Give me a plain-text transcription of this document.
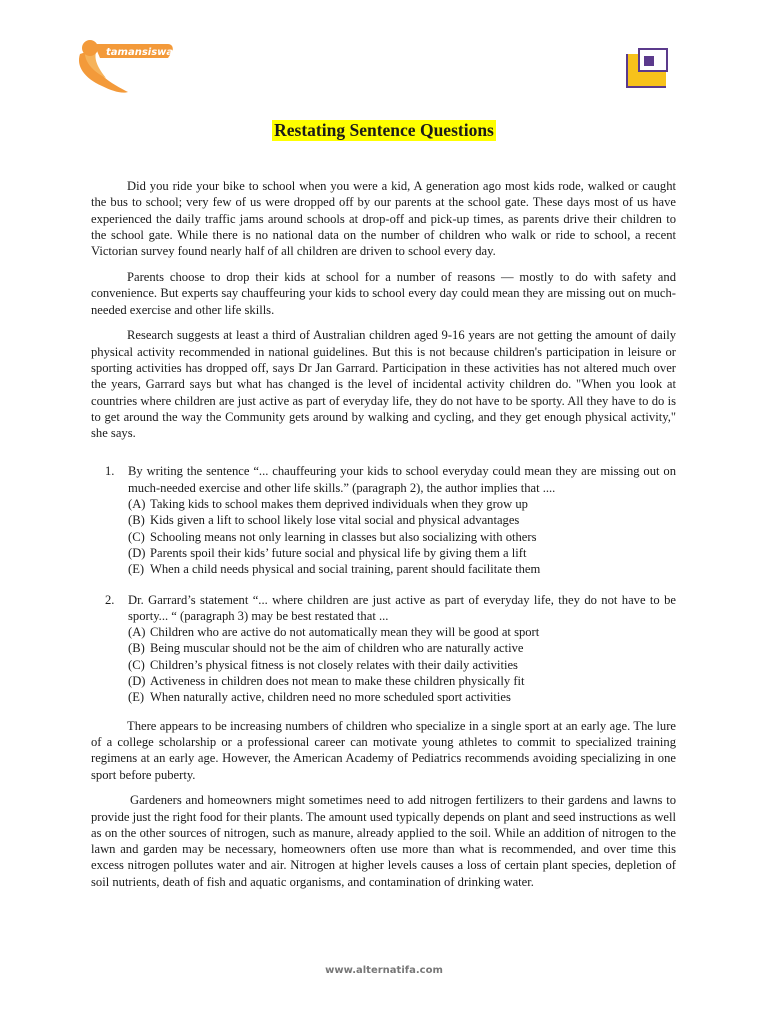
tamansiswa
Restating Sentence Questions

Did you ride your bike to school when you were a kid, A generation ago most kids rode, walked or caught the bus to school; very few of us were dropped off by our parents at the school gate. These days most of us have experienced the daily traffic jams around schools at drop-off and pick-up times, as parents drive their children to the school gate. While there is no national data on the number of children who walk or ride to school, a recent Victorian survey found nearly half of all children are driven to school every day.

Parents choose to drop their kids at school for a number of reasons — mostly to do with safety and convenience. But experts say chauffeuring your kids to school every day could mean they are missing out on much-needed exercise and other life skills.

Research suggests at least a third of Australian children aged 9-16 years are not getting the amount of daily physical activity recommended in national guidelines. But this is not because children's participation in leisure or sporting activities has dropped off, says Dr Jan Garrard. Participation in these activities has not altered much over the years, Garrard says but what has changed is the level of incidental activity children do. "When you look at countries where children are just active as part of everyday life, they do not have to be sporty. All they have to do is to get around the way the Community gets around by walking and cycling, and they get enough physical activity," she says.

1. By writing the sentence “... chauffeuring your kids to school everyday could mean they are missing out on much-needed exercise and other life skills.” (paragraph 2), the author implies that ....
(A) Taking kids to school makes them deprived individuals when they grow up
(B) Kids given a lift to school likely lose vital social and physical advantages
(C) Schooling means not only learning in classes but also socializing with others
(D) Parents spoil their kids’ future social and physical life by giving them a lift
(E) When a child needs physical and social training, parent should facilitate them
2. Dr. Garrard’s statement “... where children are just active as part of everyday life, they do not have to be sporty... “ (paragraph 3) may be best restated that ...
(A) Children who are active do not automatically mean they will be good at sport
(B) Being muscular should not be the aim of children who are naturally active
(C) Children’s physical fitness is not closely relates with their daily activities
(D) Activeness in children does not mean to make these children physically fit
(E) When naturally active, children need no more scheduled sport activities

There appears to be increasing numbers of children who specialize in a single sport at an early age. The lure of a college scholarship or a professional career can motivate young athletes to commit to specialized training regimens at an early age. However, the American Academy of Pediatrics recommends avoiding specializing in one sport before puberty.

Gardeners and homeowners might sometimes need to add nitrogen fertilizers to their gardens and lawns to provide just the right food for their plants. The amount used typically depends on plant and seed instructions as well as on the other sources of nitrogen, such as manure, already applied to the soil. While an addition of nitrogen to the lawn and garden may be necessary, homeowners often use more than what is recommended, and over time this excess nitrogen pollutes water and air. Nitrogen at higher levels causes a loss of certain plant species, depletion of soil nutrients, death of fish and aquatic organisms, and contamination of drinking water.

www.alternatifa.com
